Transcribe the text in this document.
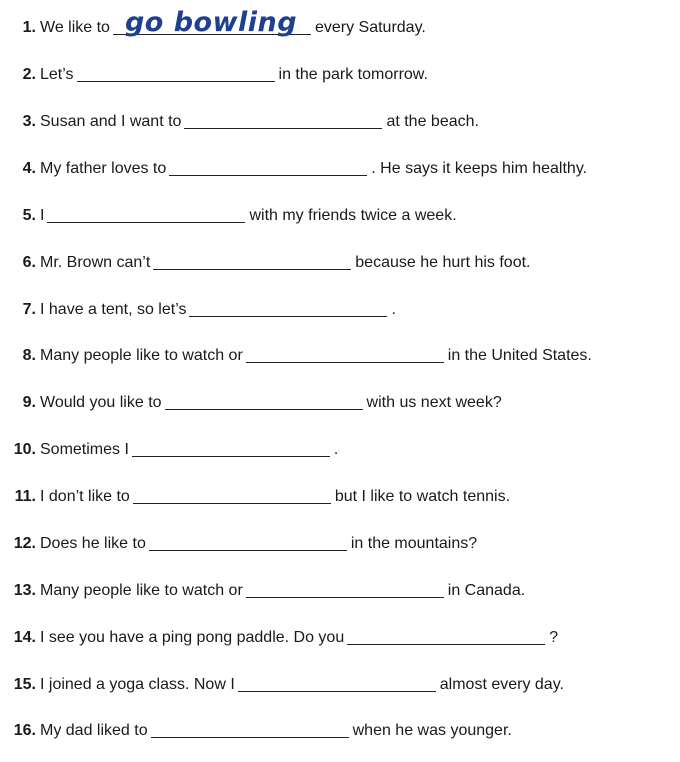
1. We like to go bowling every Saturday.
2. Let’s	in the park tomorrow.
3. Susan and I want to	at the beach.
4. My father loves to	. He says it keeps him healthy.
5. I	with my friends twice a week.
6. Mr. Brown can’t	because he hurt his foot.
7. I have a tent, so let’s	.
8. Many people like to watch or	in the United States.
9. Would you like to	with us next week?
10. Sometimes I	.
11. I don’t like to	but I like to watch tennis.
12. Does he like to	in the mountains?
13. Many people like to watch or	in Canada.
14. I see you have a ping pong paddle. Do you	?
15. I joined a yoga class. Now I	almost every day.
16. My dad liked to	when he was younger.
